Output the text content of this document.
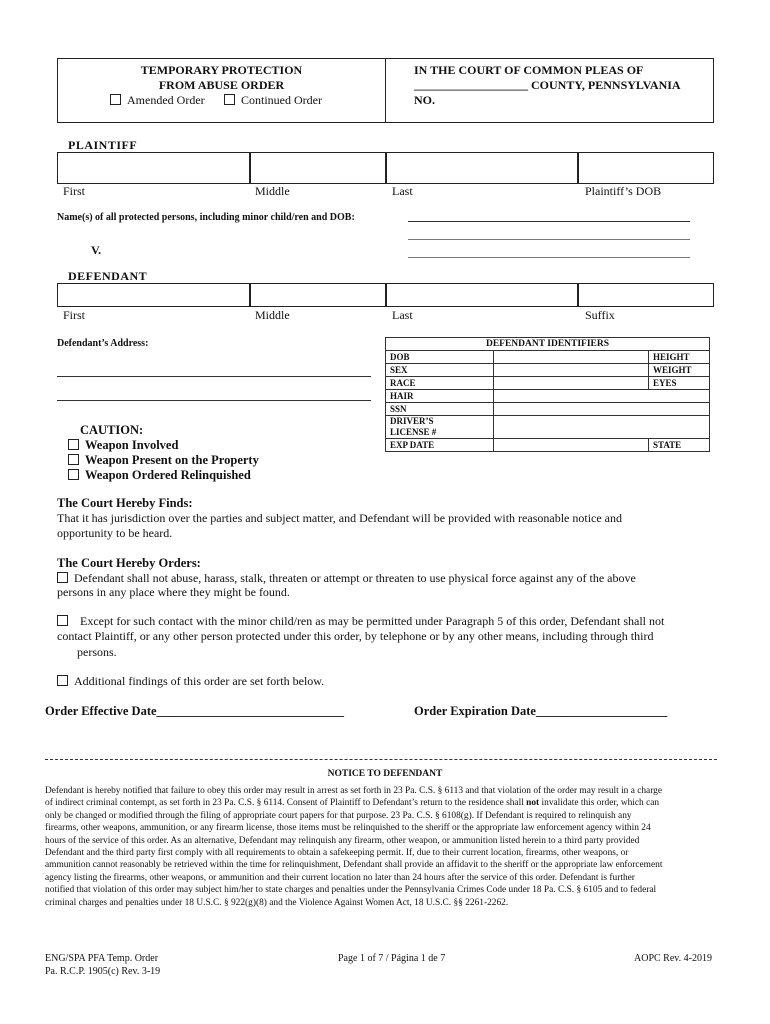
TEMPORARY PROTECTION
FROM ABUSE ORDER
Amended Order	Continued Order
IN THE COURT OF COMMON PLEAS OF
___________________ COUNTY, PENNSYLVANIA
NO.
PLAINTIFF
First	Middle	Last	Plaintiff’s DOB
Name(s) of all protected persons, including minor child/ren and DOB:
V.
DEFENDANT
First	Middle	Last	Suffix
Defendant’s Address:	DEFENDANT IDENTIFIERS		
DOB		HEIGHT
SEX		WEIGHT
RACE		EYES
HAIR		
SSN		
DRIVER’S
LICENSE #		
EXP DATE		STATE
CAUTION:
Weapon Involved
Weapon Present on the Property
Weapon Ordered Relinquished
The Court Hereby Finds:
That it has jurisdiction over the parties and subject matter, and Defendant will be provided with reasonable notice and
opportunity to be heard.
The Court Hereby Orders:
Defendant shall not abuse, harass, stalk, threaten or attempt or threaten to use physical force against any of the above
persons in any place where they might be found.
Except for such contact with the minor child/ren as may be permitted under Paragraph 5 of this order, Defendant shall not
contact Plaintiff, or any other person protected under this order, by telephone or by any other means, including through third
persons.
Additional findings of this order are set forth below.
Order Effective Date______________________________	Order Expiration Date_____________________
NOTICE TO DEFENDANT
Defendant is hereby notified that failure to obey this order may result in arrest as set forth in 23 Pa. C.S. § 6113 and that violation of the order may result in a charge
of indirect criminal contempt, as set forth in 23 Pa. C.S. § 6114. Consent of Plaintiff to Defendant’s return to the residence shall not invalidate this order, which can
only be changed or modified through the filing of appropriate court papers for that purpose. 23 Pa. C.S. § 6108(g). If Defendant is required to relinquish any
firearms, other weapons, ammunition, or any firearm license, those items must be relinquished to the sheriff or the appropriate law enforcement agency within 24
hours of the service of this order. As an alternative, Defendant may relinquish any firearm, other weapon, or ammunition listed herein to a third party provided
Defendant and the third party first comply with all requirements to obtain a safekeeping permit. If, due to their current location, firearms, other weapons, or
ammunition cannot reasonably be retrieved within the time for relinquishment, Defendant shall provide an affidavit to the sheriff or the appropriate law enforcement
agency listing the firearms, other weapons, or ammunition and their current location no later than 24 hours after the service of this order. Defendant is further
notified that violation of this order may subject him/her to state charges and penalties under the Pennsylvania Crimes Code under 18 Pa. C.S. § 6105 and to federal
criminal charges and penalties under 18 U.S.C. § 922(g)(8) and the Violence Against Women Act, 18 U.S.C. §§ 2261-2262.
ENG/SPA PFA Temp. Order
Pa. R.C.P. 1905(c) Rev. 3-19
Page 1 of 7 / Página 1 de 7	AOPC Rev. 4-2019
